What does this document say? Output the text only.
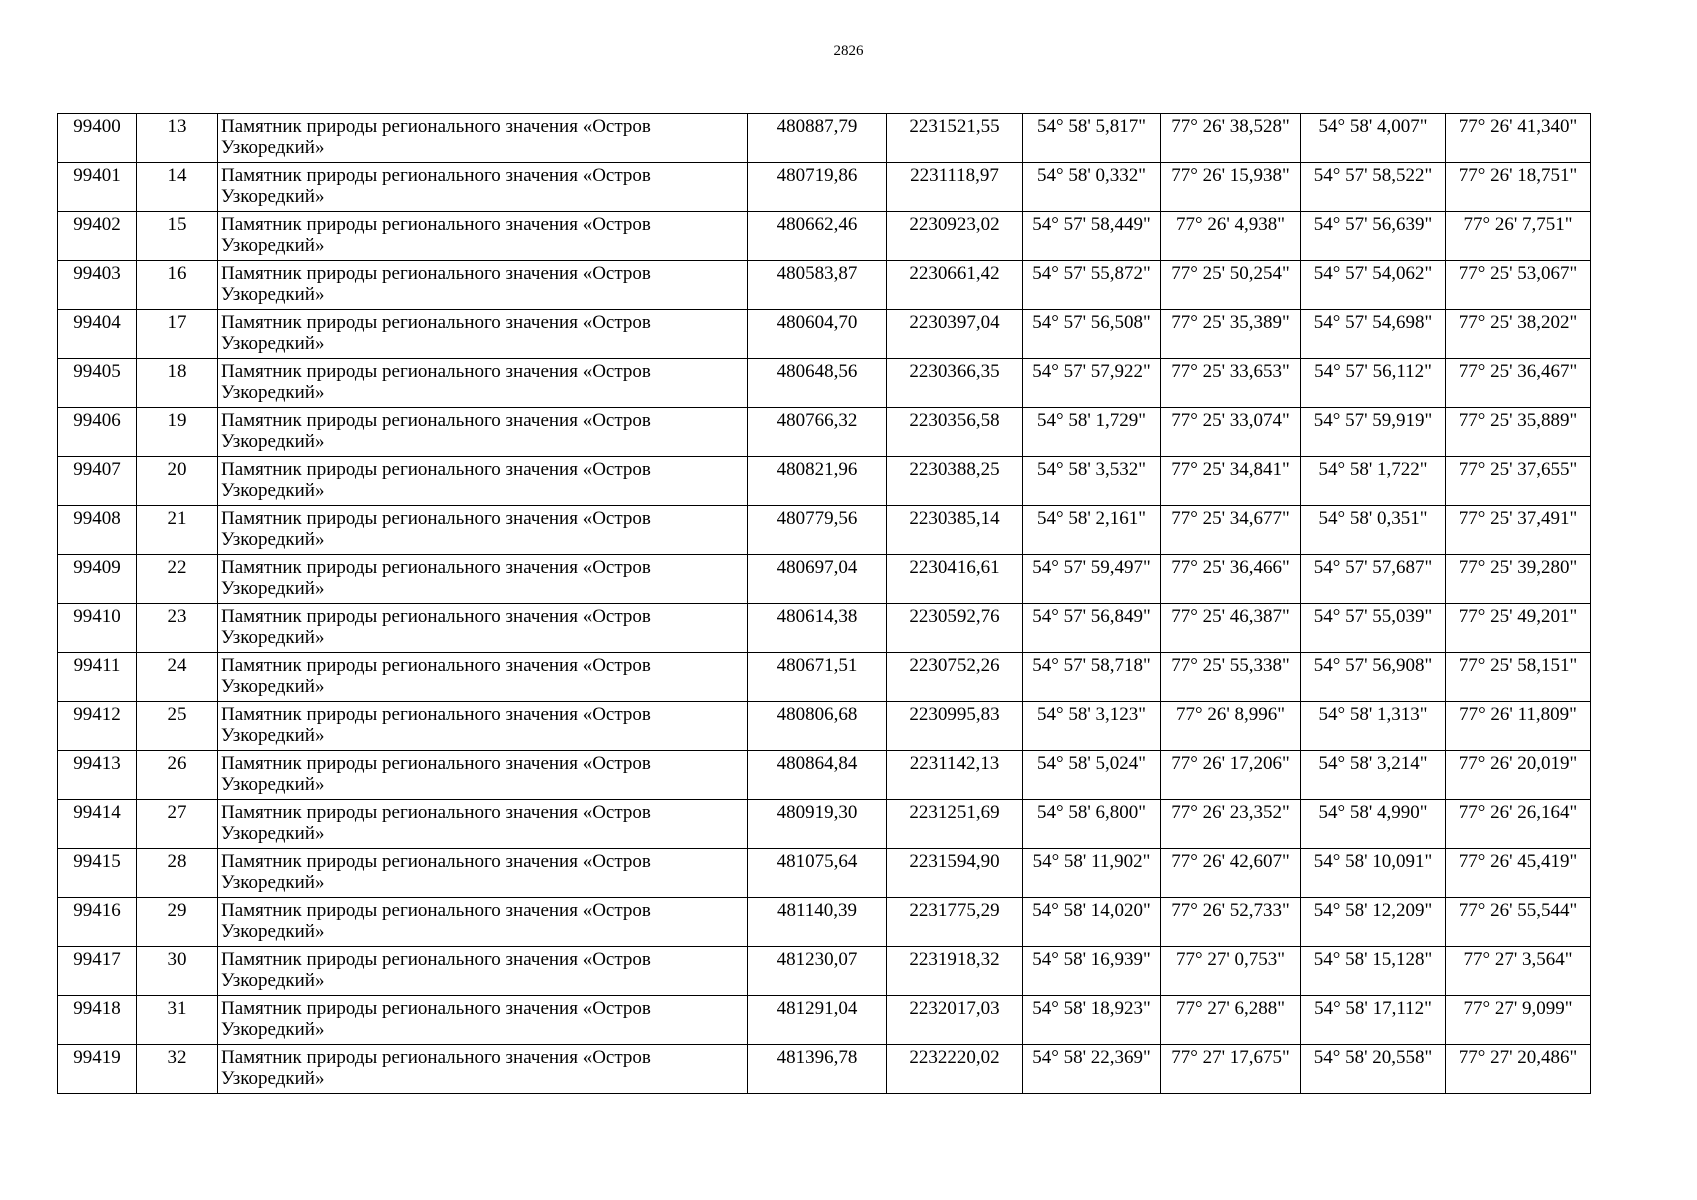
2826
99400	13	Памятник природы регионального значения «Остров Узкоредкий»	480887,79	2231521,55	54° 58' 5,817"	77° 26' 38,528"	54° 58' 4,007"	77° 26' 41,340"
99401	14	Памятник природы регионального значения «Остров Узкоредкий»	480719,86	2231118,97	54° 58' 0,332"	77° 26' 15,938"	54° 57' 58,522"	77° 26' 18,751"
99402	15	Памятник природы регионального значения «Остров Узкоредкий»	480662,46	2230923,02	54° 57' 58,449"	77° 26' 4,938"	54° 57' 56,639"	77° 26' 7,751"
99403	16	Памятник природы регионального значения «Остров Узкоредкий»	480583,87	2230661,42	54° 57' 55,872"	77° 25' 50,254"	54° 57' 54,062"	77° 25' 53,067"
99404	17	Памятник природы регионального значения «Остров Узкоредкий»	480604,70	2230397,04	54° 57' 56,508"	77° 25' 35,389"	54° 57' 54,698"	77° 25' 38,202"
99405	18	Памятник природы регионального значения «Остров Узкоредкий»	480648,56	2230366,35	54° 57' 57,922"	77° 25' 33,653"	54° 57' 56,112"	77° 25' 36,467"
99406	19	Памятник природы регионального значения «Остров Узкоредкий»	480766,32	2230356,58	54° 58' 1,729"	77° 25' 33,074"	54° 57' 59,919"	77° 25' 35,889"
99407	20	Памятник природы регионального значения «Остров Узкоредкий»	480821,96	2230388,25	54° 58' 3,532"	77° 25' 34,841"	54° 58' 1,722"	77° 25' 37,655"
99408	21	Памятник природы регионального значения «Остров Узкоредкий»	480779,56	2230385,14	54° 58' 2,161"	77° 25' 34,677"	54° 58' 0,351"	77° 25' 37,491"
99409	22	Памятник природы регионального значения «Остров Узкоредкий»	480697,04	2230416,61	54° 57' 59,497"	77° 25' 36,466"	54° 57' 57,687"	77° 25' 39,280"
99410	23	Памятник природы регионального значения «Остров Узкоредкий»	480614,38	2230592,76	54° 57' 56,849"	77° 25' 46,387"	54° 57' 55,039"	77° 25' 49,201"
99411	24	Памятник природы регионального значения «Остров Узкоредкий»	480671,51	2230752,26	54° 57' 58,718"	77° 25' 55,338"	54° 57' 56,908"	77° 25' 58,151"
99412	25	Памятник природы регионального значения «Остров Узкоредкий»	480806,68	2230995,83	54° 58' 3,123"	77° 26' 8,996"	54° 58' 1,313"	77° 26' 11,809"
99413	26	Памятник природы регионального значения «Остров Узкоредкий»	480864,84	2231142,13	54° 58' 5,024"	77° 26' 17,206"	54° 58' 3,214"	77° 26' 20,019"
99414	27	Памятник природы регионального значения «Остров Узкоредкий»	480919,30	2231251,69	54° 58' 6,800"	77° 26' 23,352"	54° 58' 4,990"	77° 26' 26,164"
99415	28	Памятник природы регионального значения «Остров Узкоредкий»	481075,64	2231594,90	54° 58' 11,902"	77° 26' 42,607"	54° 58' 10,091"	77° 26' 45,419"
99416	29	Памятник природы регионального значения «Остров Узкоредкий»	481140,39	2231775,29	54° 58' 14,020"	77° 26' 52,733"	54° 58' 12,209"	77° 26' 55,544"
99417	30	Памятник природы регионального значения «Остров Узкоредкий»	481230,07	2231918,32	54° 58' 16,939"	77° 27' 0,753"	54° 58' 15,128"	77° 27' 3,564"
99418	31	Памятник природы регионального значения «Остров Узкоредкий»	481291,04	2232017,03	54° 58' 18,923"	77° 27' 6,288"	54° 58' 17,112"	77° 27' 9,099"
99419	32	Памятник природы регионального значения «Остров Узкоредкий»	481396,78	2232220,02	54° 58' 22,369"	77° 27' 17,675"	54° 58' 20,558"	77° 27' 20,486"
